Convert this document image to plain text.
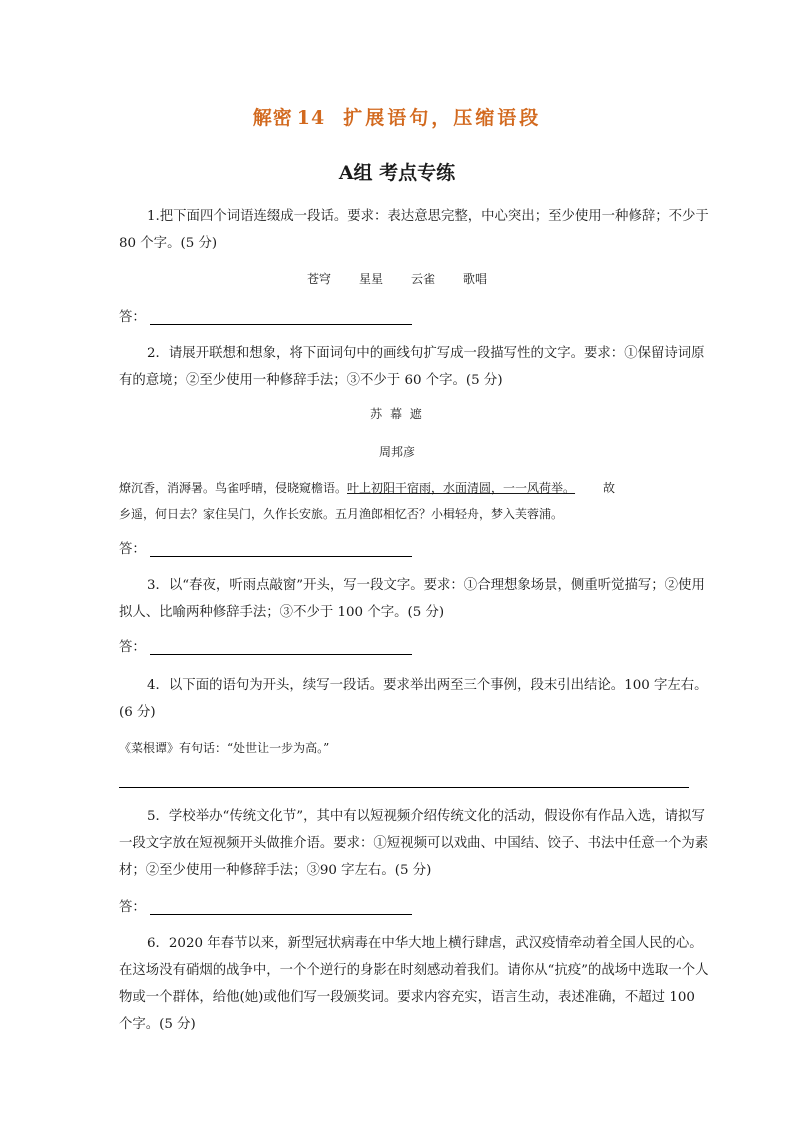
解密 14 扩展语句，压缩语段
A组 考点专练
1.把下面四个词语连缀成一段话。要求：表达意思完整，中心突出；至少使用一种修辞；不少于 80 个字。(5 分)
苍穹 星星 云雀 歌唱
答：
2．请展开联想和想象，将下面词句中的画线句扩写成一段描写性的文字。要求：①保留诗词原有的意境；②至少使用一种修辞手法；③不少于 60 个字。(5 分)
苏 幕 遮
周邦彦
燎沉香，消溽暑。鸟雀呼晴，侵晓窥檐语。叶上初阳干宿雨，水面清圆，一一风荷举。 故
乡遥，何日去？家住吴门，久作长安旅。五月渔郎相忆否？小楫轻舟，梦入芙蓉浦。
答：
3．以“春夜，听雨点敲窗”开头，写一段文字。要求：①合理想象场景，侧重听觉描写；②使用拟人、比喻两种修辞手法；③不少于 100 个字。(5 分)
答：
4．以下面的语句为开头，续写一段话。要求举出两至三个事例，段末引出结论。100 字左右。(6 分)
《菜根谭》有句话：“处世让一步为高。”
5．学校举办“传统文化节”，其中有以短视频介绍传统文化的活动，假设你有作品入选，请拟写一段文字放在短视频开头做推介语。要求：①短视频可以戏曲、中国结、饺子、书法中任意一个为素材；②至少使用一种修辞手法；③90 字左右。(5 分)
答：
6．2020 年春节以来，新型冠状病毒在中华大地上横行肆虐，武汉疫情牵动着全国人民的心。在这场没有硝烟的战争中，一个个逆行的身影在时刻感动着我们。请你从“抗疫”的战场中选取一个人物或一个群体，给他(她)或他们写一段颁奖词。要求内容充实，语言生动，表述准确，不超过 100 个字。(5 分)
